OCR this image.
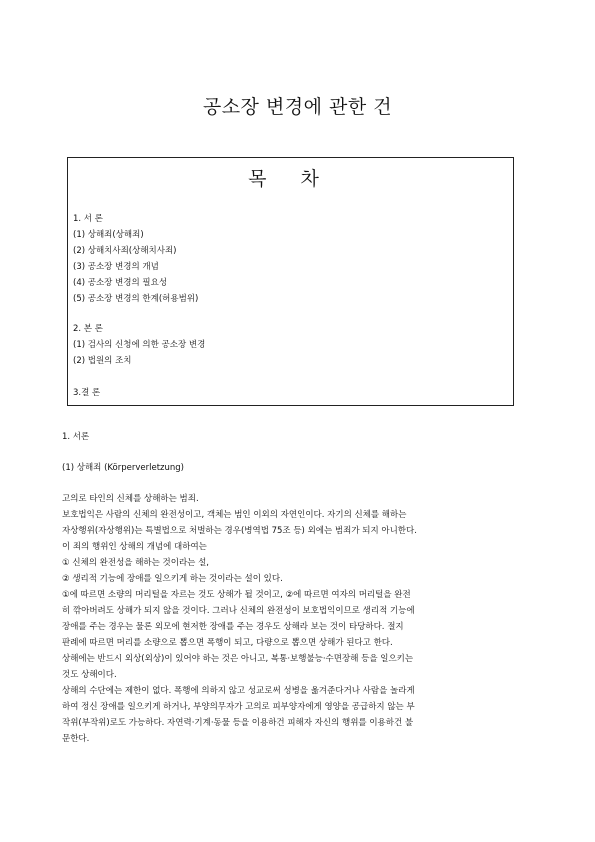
공소장 변경에 관한 건
목 차
1. 서 론
(1) 상해죄(상해죄)
(2) 상해치사죄(상해치사죄)
(3) 공소장 변경의 개념
(4) 공소장 변경의 필요성
(5) 공소장 변경의 한계(허용범위)
2. 본 론
(1) 검사의 신청에 의한 공소장 변경
(2) 법원의 조치
3.결 론
1. 서론
(1) 상해죄 (Körperverletzung)
고의로 타인의 신체를 상해하는 범죄.
보호법익은 사람의 신체의 완전성이고, 객체는 범인 이외의 자연인이다. 자기의 신체를 해하는
자상행위(자상행위)는 특별법으로 처벌하는 경우(병역법 75조 등) 외에는 범죄가 되지 아니한다.
이 죄의 행위인 상해의 개념에 대하여는
① 신체의 완전성을 해하는 것이라는 설,
② 생리적 기능에 장애를 일으키게 하는 것이라는 설이 있다.
①에 따르면 소량의 머리털을 자르는 것도 상해가 될 것이고, ②에 따르면 여자의 머리털을 완전
히 깎아버려도 상해가 되지 않을 것이다. 그러나 신체의 완전성이 보호법익이므로 생리적 기능에
장애를 주는 경우는 물론 외모에 현저한 장애를 주는 경우도 상해라 보는 것이 타당하다. 절지
판례에 따르면 머리를 소량으로 뽑으면 폭행이 되고, 다량으로 뽑으면 상해가 된다고 한다.
상해에는 반드시 외상(외상)이 있어야 하는 것은 아니고, 복통·보행불능·수면장해 등을 일으키는
것도 상해이다.
상해의 수단에는 제한이 없다. 폭행에 의하지 않고 성교로써 성병을 옮겨준다거나 사람을 놀라게
하여 정신 장애를 일으키게 하거나, 부양의무자가 고의로 피부양자에게 영양을 공급하지 않는 부
작위(부작위)로도 가능하다. 자연력·기계·동물 등을 이용하건 피해자 자신의 행위를 이용하건 불
문한다.
